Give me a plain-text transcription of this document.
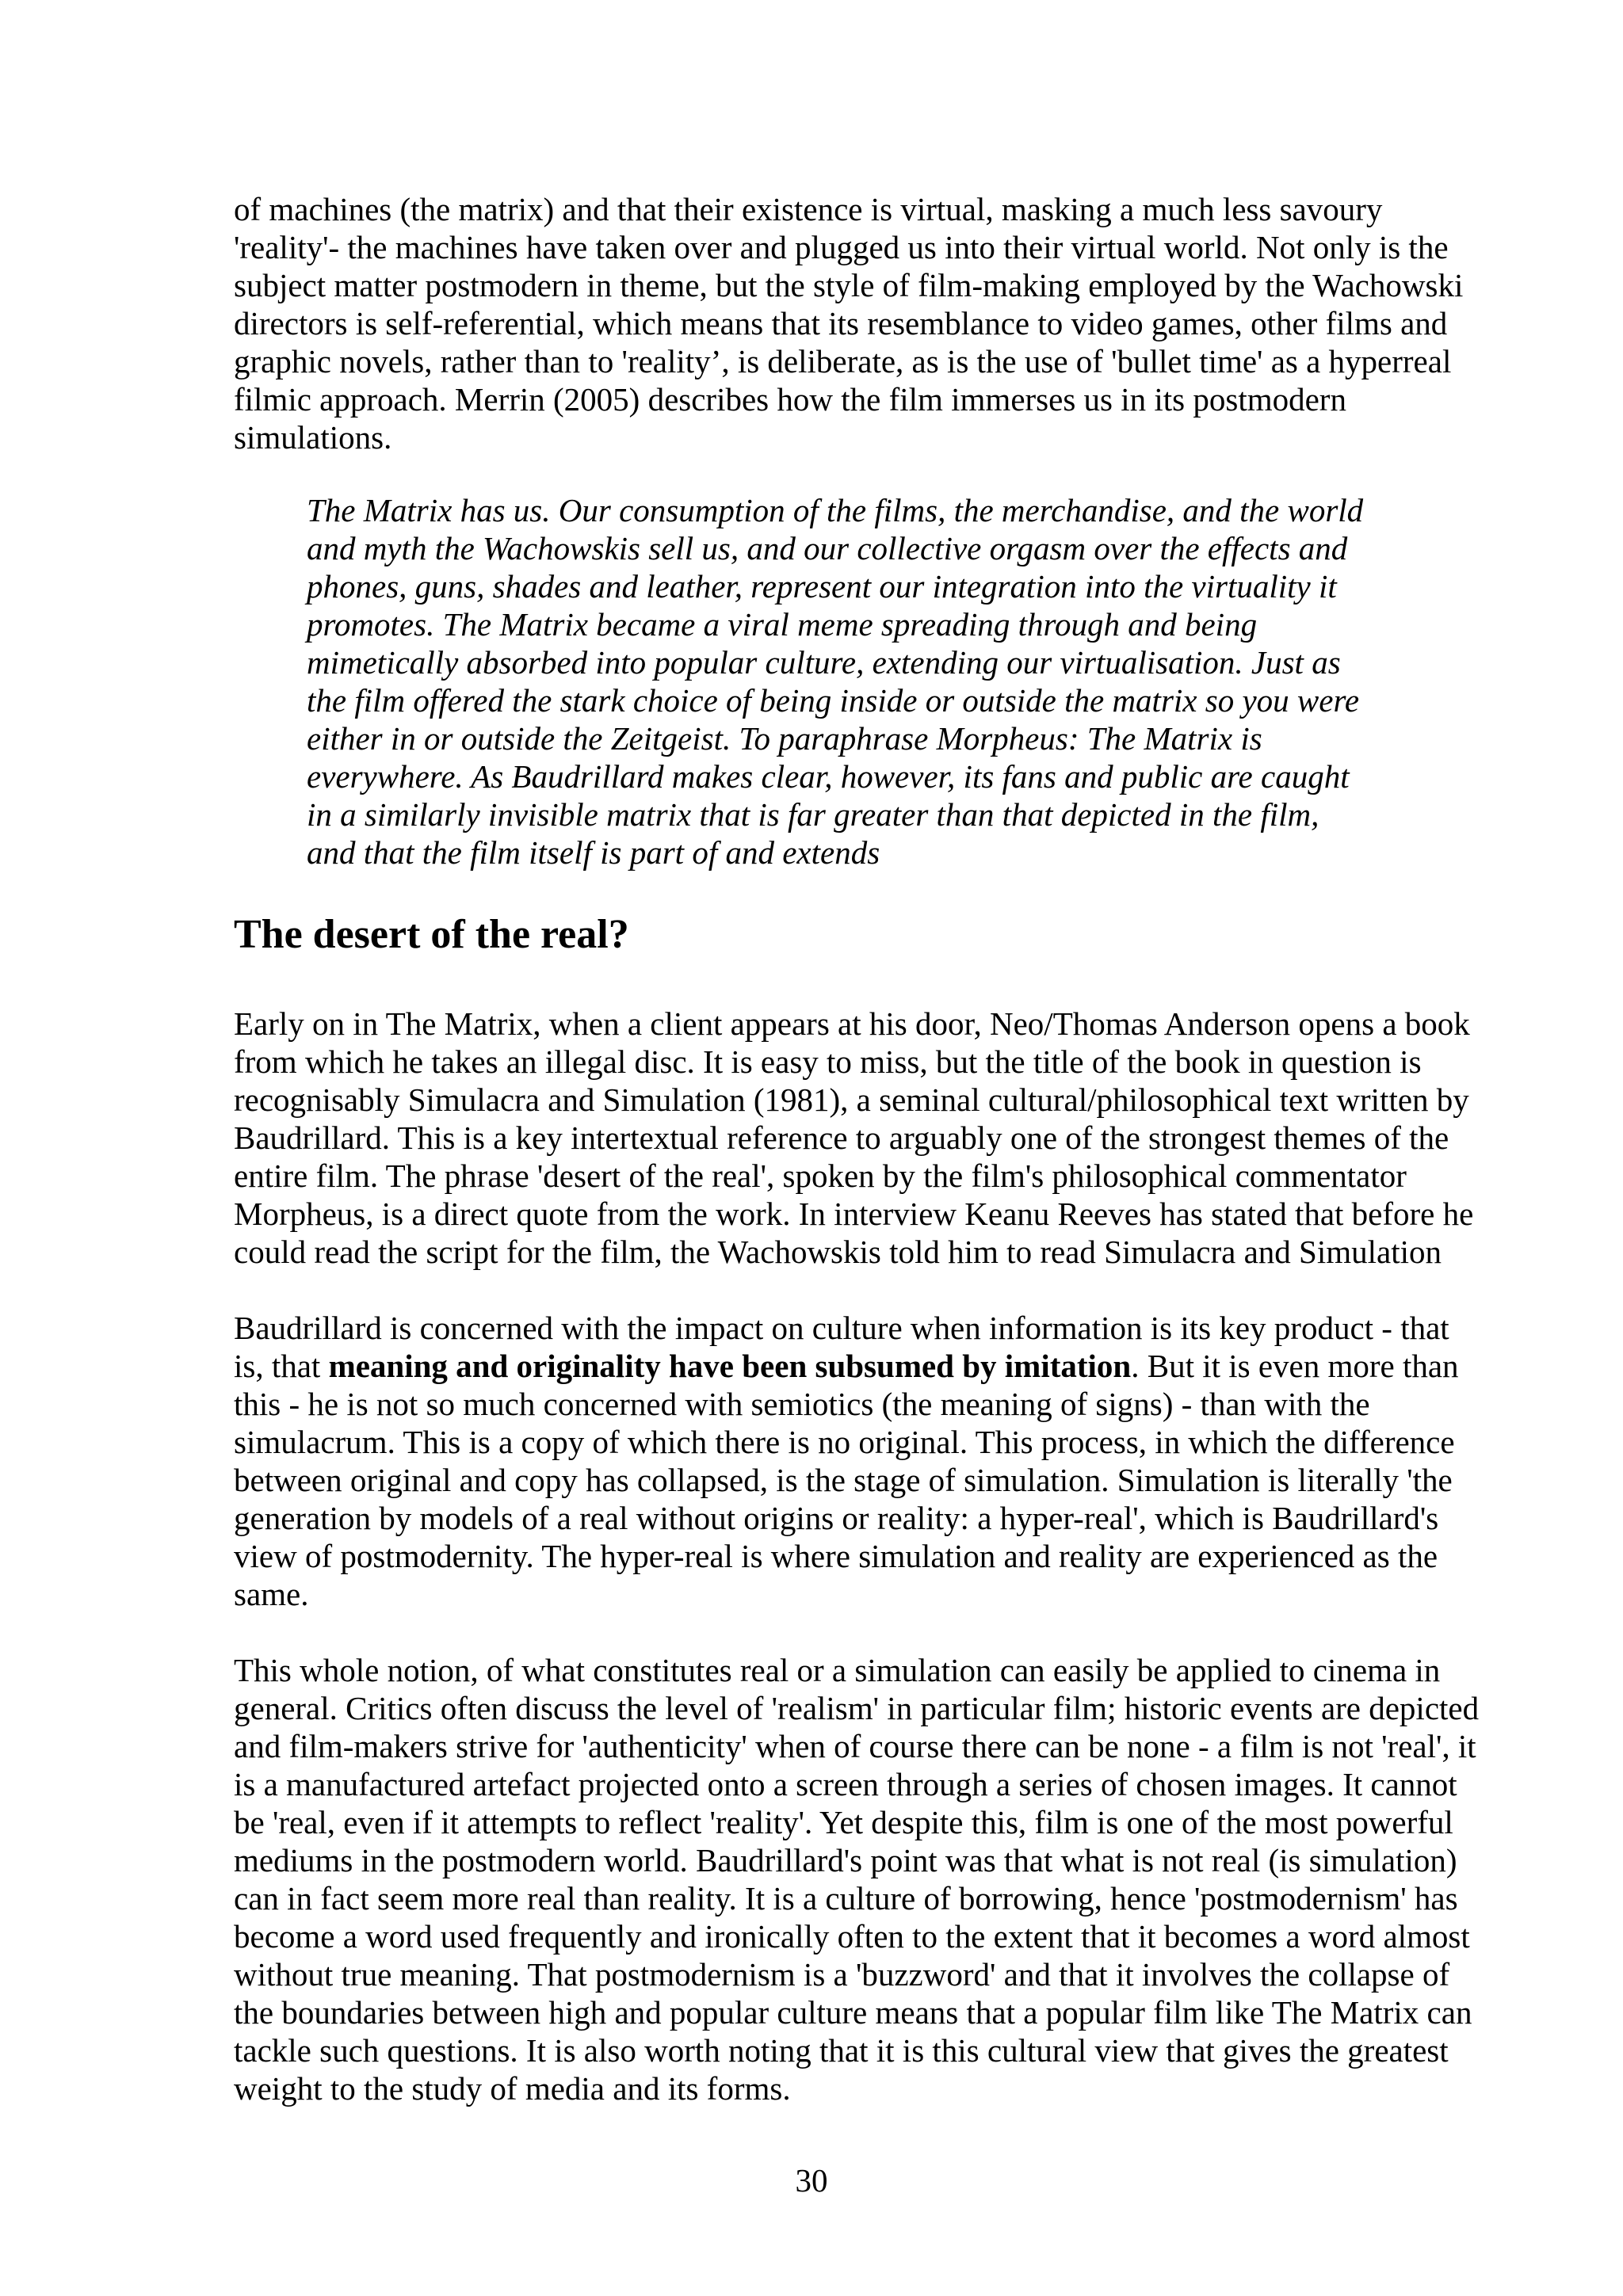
of machines (the matrix) and that their existence is virtual, masking a much less savoury 'reality'- the machines have taken over and plugged us into their virtual world. Not only is the subject matter postmodern in theme, but the style of film-making employed by the Wachowski directors is self-referential, which means that its resemblance to video games, other films and graphic novels, rather than to 'reality’, is deliberate, as is the use of 'bullet time' as a hyperreal filmic approach. Merrin (2005) describes how the film immerses us in its postmodern simulations.

The Matrix has us. Our consumption of the films, the merchandise, and the world and myth the Wachowskis sell us, and our collective orgasm over the effects and phones, guns, shades and leather, represent our integration into the virtuality it promotes. The Matrix became a viral meme spreading through and being mimetically absorbed into popular culture, extending our virtualisation. Just as the film offered the stark choice of being inside or outside the matrix so you were either in or outside the Zeitgeist. To paraphrase Morpheus: The Matrix is everywhere. As Baudrillard makes clear, however, its fans and public are caught in a similarly invisible matrix that is far greater than that depicted in the film, and that the film itself is part of and extends

The desert of the real?

Early on in The Matrix, when a client appears at his door, Neo/Thomas Anderson opens a book from which he takes an illegal disc. It is easy to miss, but the title of the book in question is recognisably Simulacra and Simulation (1981), a seminal cultural/philosophical text written by Baudrillard. This is a key intertextual reference to arguably one of the strongest themes of the entire film. The phrase 'desert of the real', spoken by the film's philosophical commentator Morpheus, is a direct quote from the work. In interview Keanu Reeves has stated that before he could read the script for the film, the Wachowskis told him to read Simulacra and Simulation

Baudrillard is concerned with the impact on culture when information is its key product - that is, that meaning and originality have been subsumed by imitation. But it is even more than this - he is not so much concerned with semiotics (the meaning of signs) - than with the simulacrum. This is a copy of which there is no original. This process, in which the difference between original and copy has collapsed, is the stage of simulation. Simulation is literally 'the generation by models of a real without origins or reality: a hyper-real', which is Baudrillard's view of postmodernity. The hyper-real is where simulation and reality are experienced as the same.

This whole notion, of what constitutes real or a simulation can easily be applied to cinema in general. Critics often discuss the level of 'realism' in particular film; historic events are depicted and film-makers strive for 'authenticity' when of course there can be none - a film is not 'real', it is a manufactured artefact projected onto a screen through a series of chosen images. It cannot be 'real, even if it attempts to reflect 'reality'. Yet despite this, film is one of the most powerful mediums in the postmodern world. Baudrillard's point was that what is not real (is simulation) can in fact seem more real than reality. It is a culture of borrowing, hence 'postmodernism' has become a word used frequently and ironically often to the extent that it becomes a word almost without true meaning. That postmodernism is a 'buzzword' and that it involves the collapse of the boundaries between high and popular culture means that a popular film like The Matrix can tackle such questions. It is also worth noting that it is this cultural view that gives the greatest weight to the study of media and its forms.

30
